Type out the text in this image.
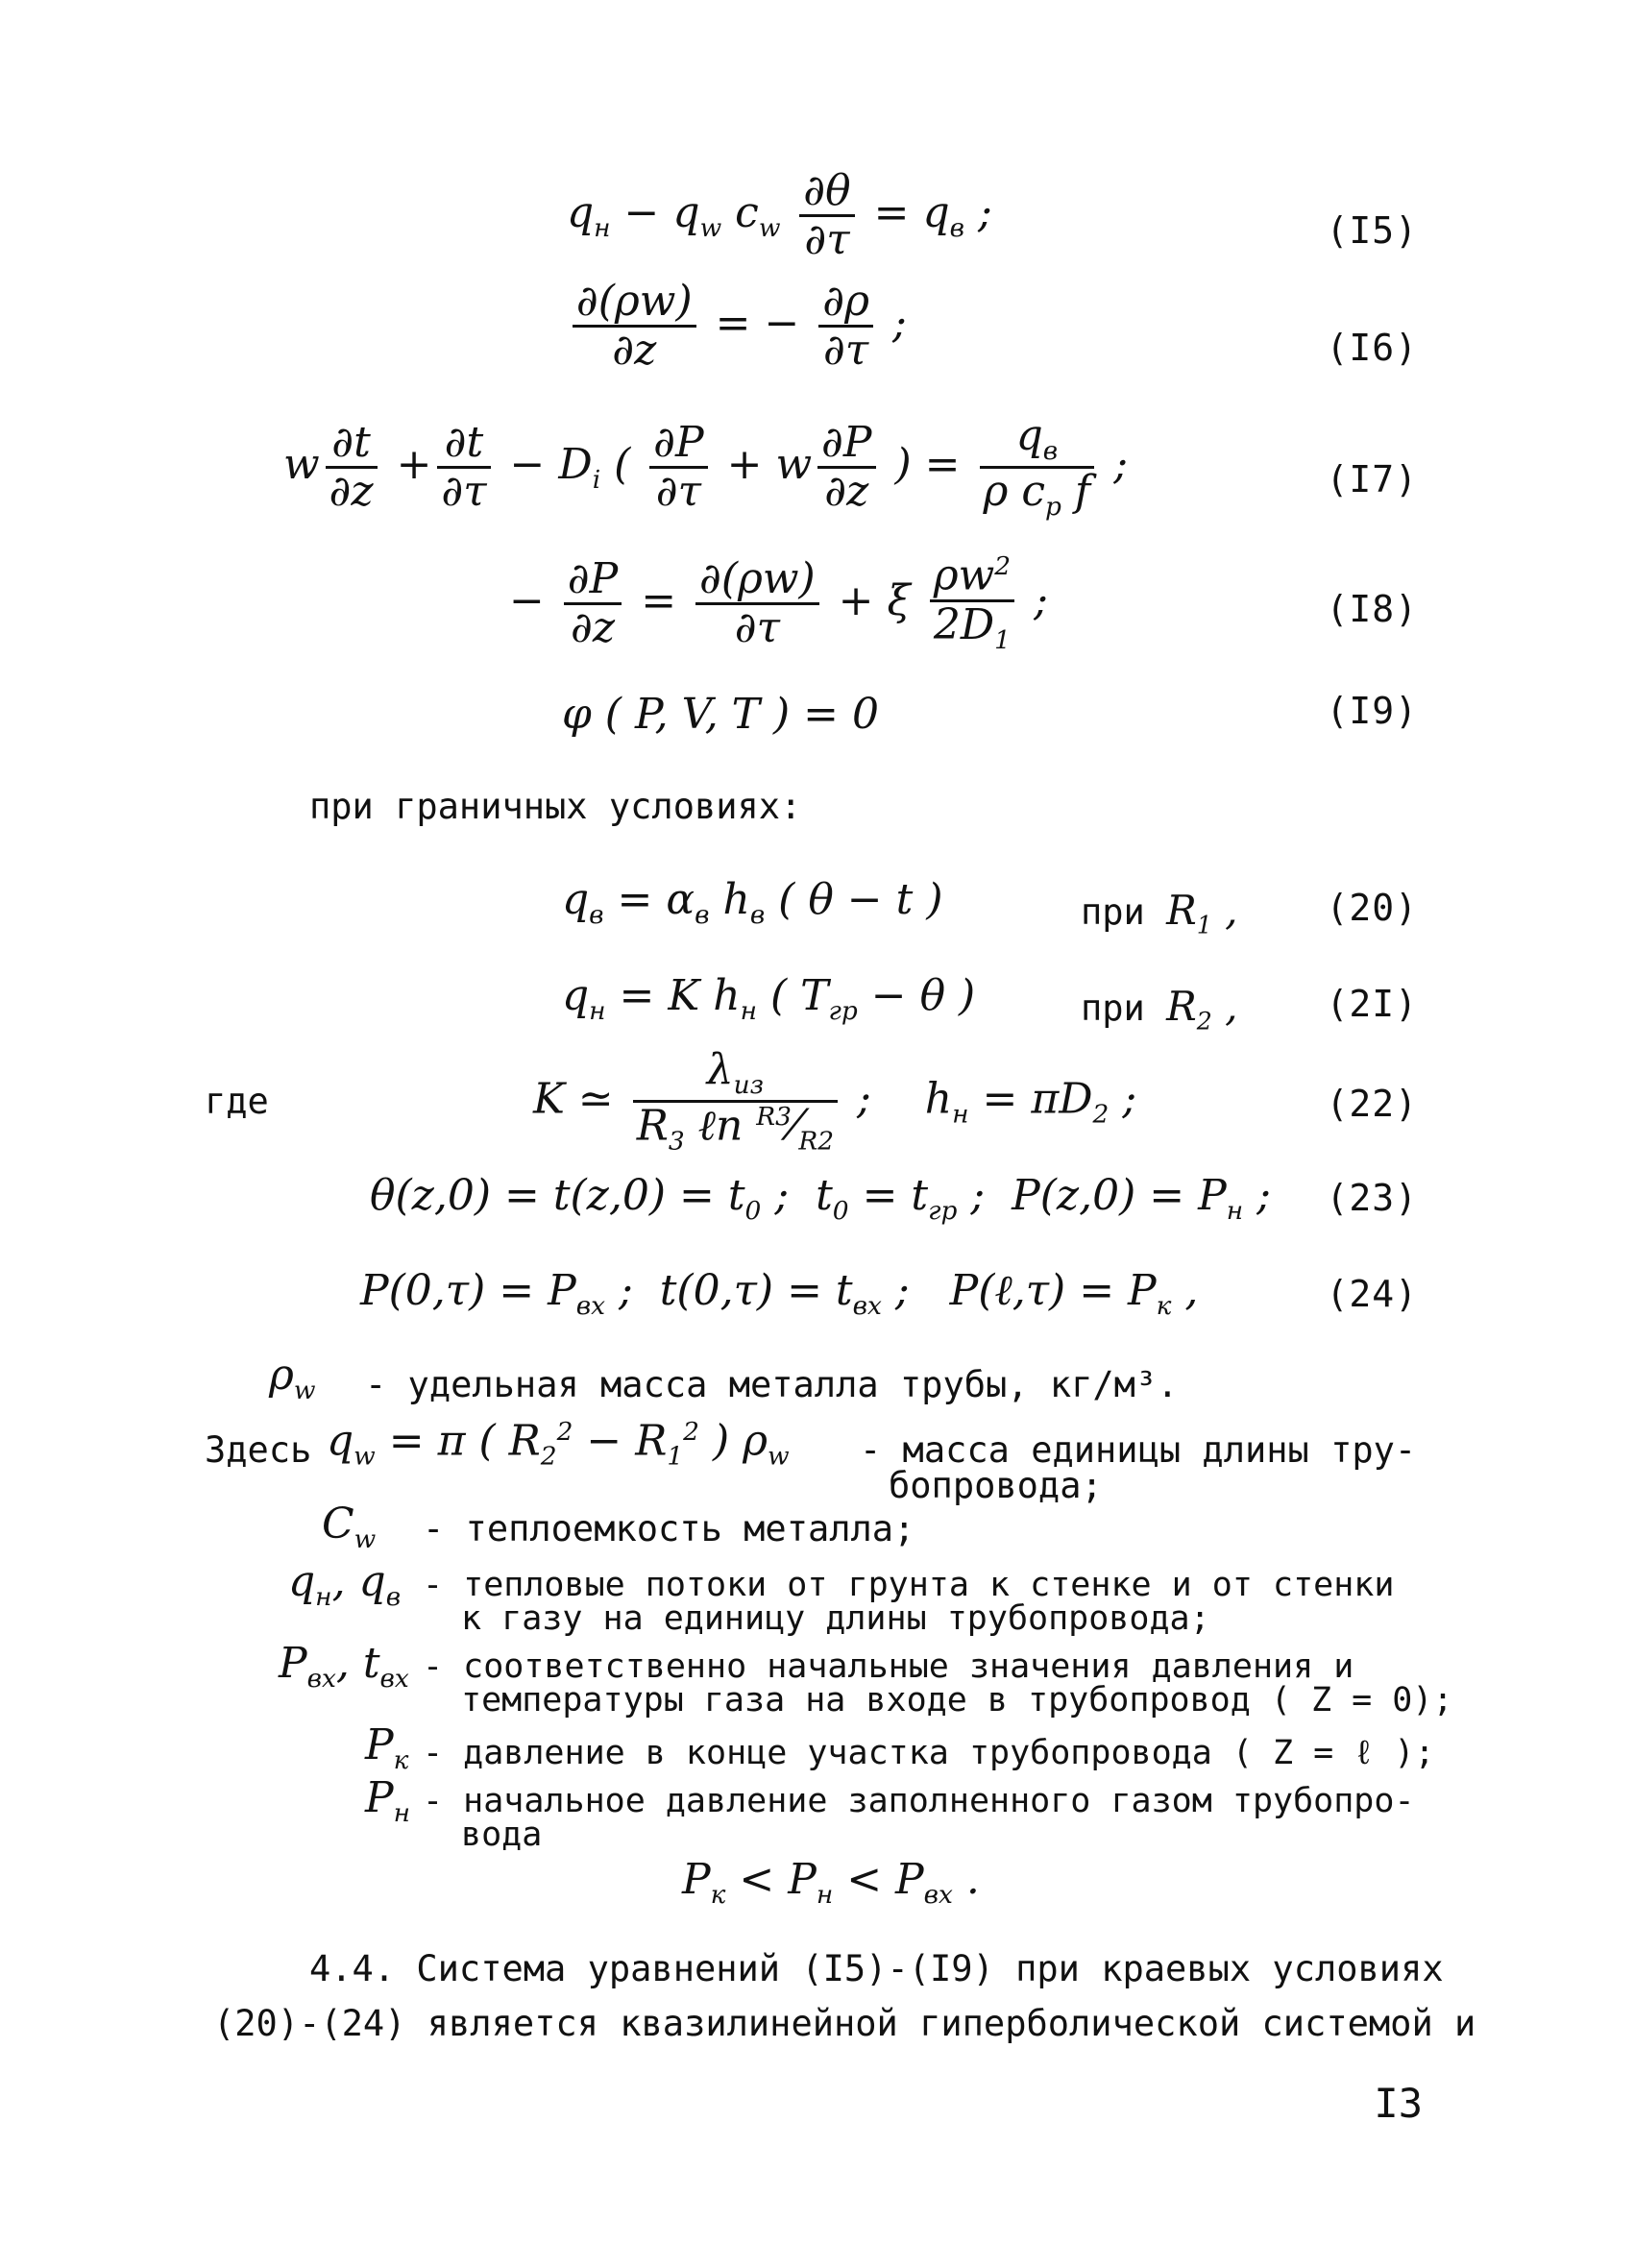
$q_н - q_w$ $c_w \frac{\partial\theta}{\partial\tau} = q_в$ ;	(I5)
$\frac{\partial(\rho w)}{\partial z}$ = − $\frac{\partial\rho}{\partial\tau}$ ;	(I6)
w $\frac{\partial t}{\partial z} + \frac{\partial t}{\partial\tau} - D_i$ ( $\frac{\partial P}{\partial\tau} + w \frac{\partial P}{\partial z}$ ) = $\frac{q_в}{\rho c_p f}$ ;	(I7)
− $\frac{\partial P}{\partial z} = \frac{\partial(\rho w)}{\partial\tau} + \xi \frac{\rho w^2}{2D_1}$ ;	(I8)
φ ( P, V, T ) = 0	(I9)
при граничных условиях:
$q_в = \alpha_в$ $h_в$ ( θ − t )	при $R_1$ , (20)
$q_н = K$ $h_н$ ( $T_{гр} - \theta$ )	при $R_2$ , (2I)
где	K ≃ $\frac{\lambda_{из}}{R_3 \ell n ^{R3}⁄_{R2}}$ ;    $h_н = \pi D_2$ ;	(22)
$\theta(z,0) = t(z,0) = t_0$ ;  $t_0 = t_{гр}$ ;  $P(z,0) = P_н$ ; (23)
$P(0,\tau) = P_{вх}$ ;  $t(0,\tau) = t_{вх}$ ;   P(ℓ,τ) = $P_к$ ,	(24)
$\rho_w$ - удельная масса металла трубы, кг/м³.
Здесь $q_w = \pi$ ( $R_2^2 - R_1^2$ ) $\rho_w$ - масса единицы длины тру-
бопровода;
$C_w$ - теплоемкость металла;
$q_н$, $q_в$ - тепловые потоки от грунта к стенке и от стенки
к газу на единицу длины трубопровода;
$P_{вх}$, $t_{вх}$ - соответственно начальные значения давления и
температуры газа на входе в трубопровод ( Z = 0);
$P_к$ - давление в конце участка трубопровода ( Z = ℓ );
$P_н$ - начальное давление заполненного газом трубопро-
вода
$P_к < P_н < P_{вх}$ .
4.4. Система уравнений (I5)-(I9) при краевых условиях
(20)-(24) является квазилинейной гиперболической системой и
I3
